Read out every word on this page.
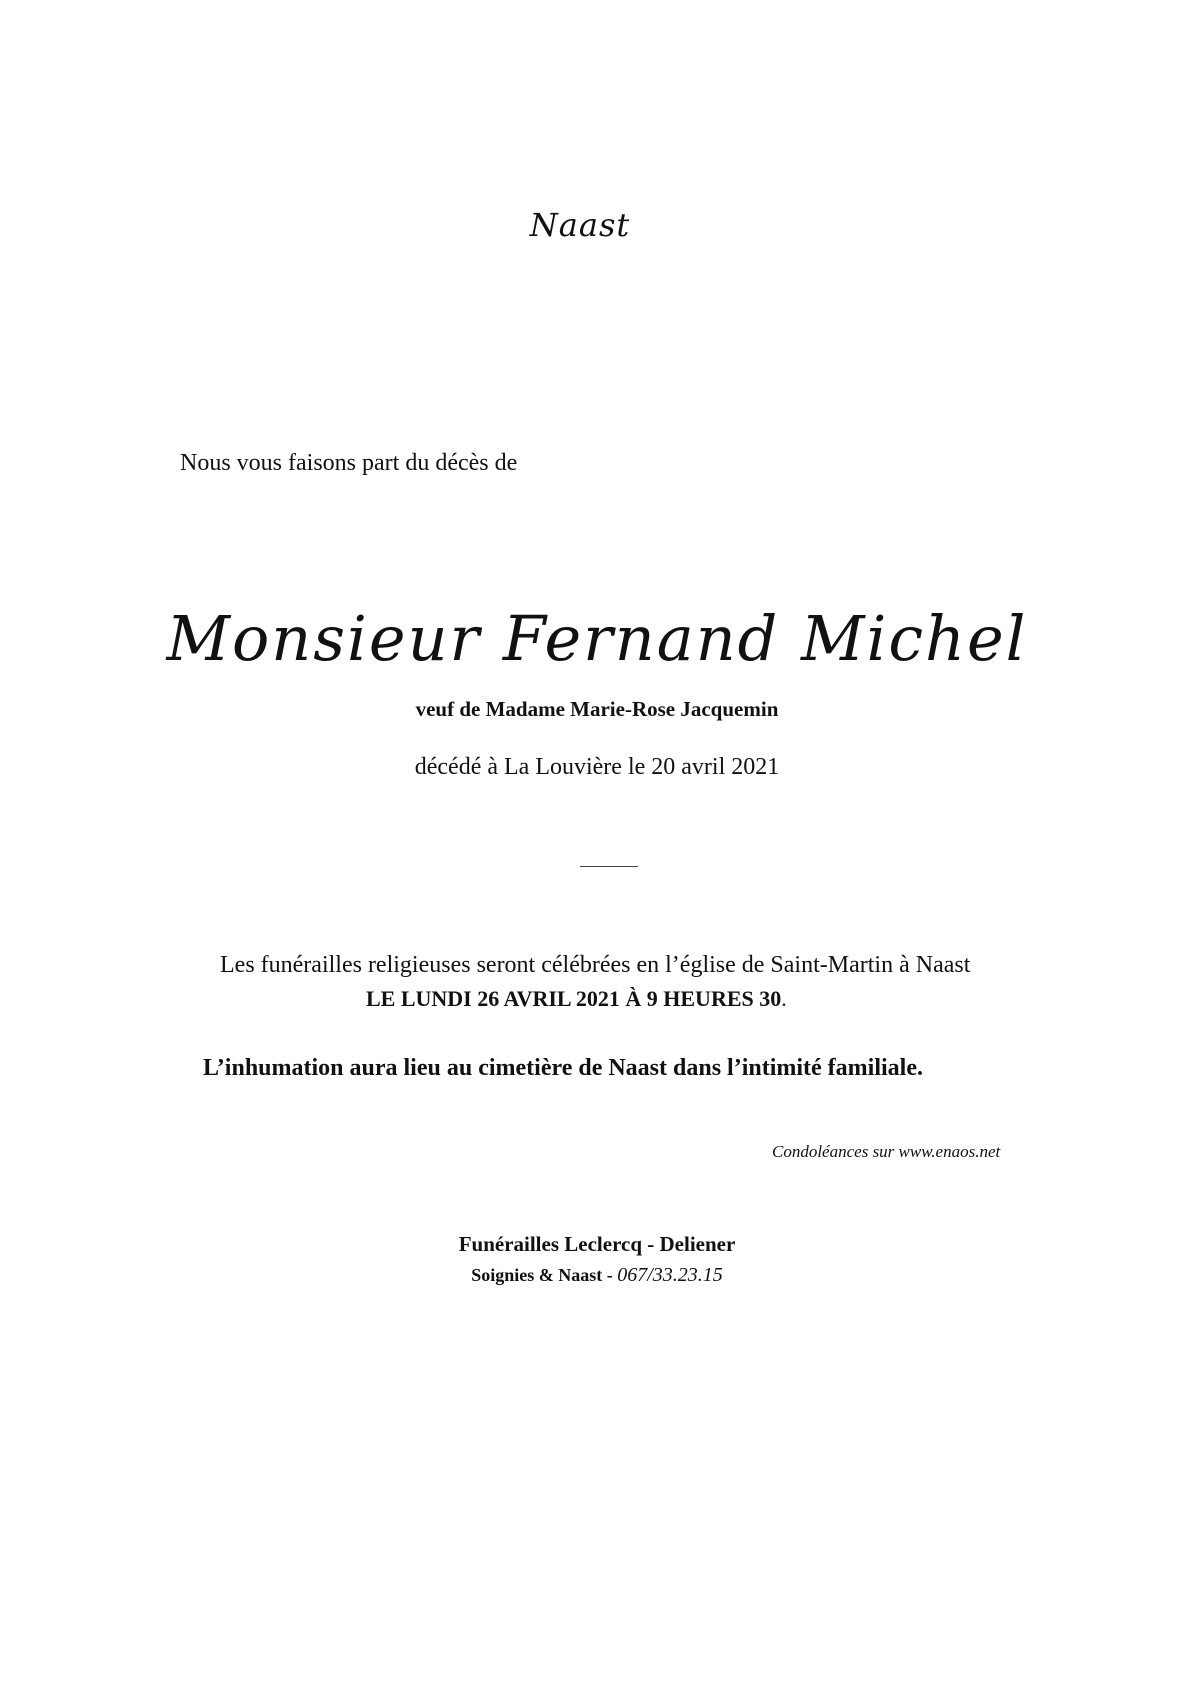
Naast
Nous vous faisons part du décès de
Monsieur Fernand Michel
veuf de Madame Marie-Rose Jacquemin
décédé à La Louvière le 20 avril 2021
Les funérailles religieuses seront célébrées en l’église de Saint-Martin à Naast
LE LUNDI 26 AVRIL 2021 À 9 HEURES 30.
L’inhumation aura lieu au cimetière de Naast dans l’intimité familiale.
Condoléances sur www.enaos.net
Funérailles Leclercq - Deliener
Soignies & Naast - 067/33.23.15
